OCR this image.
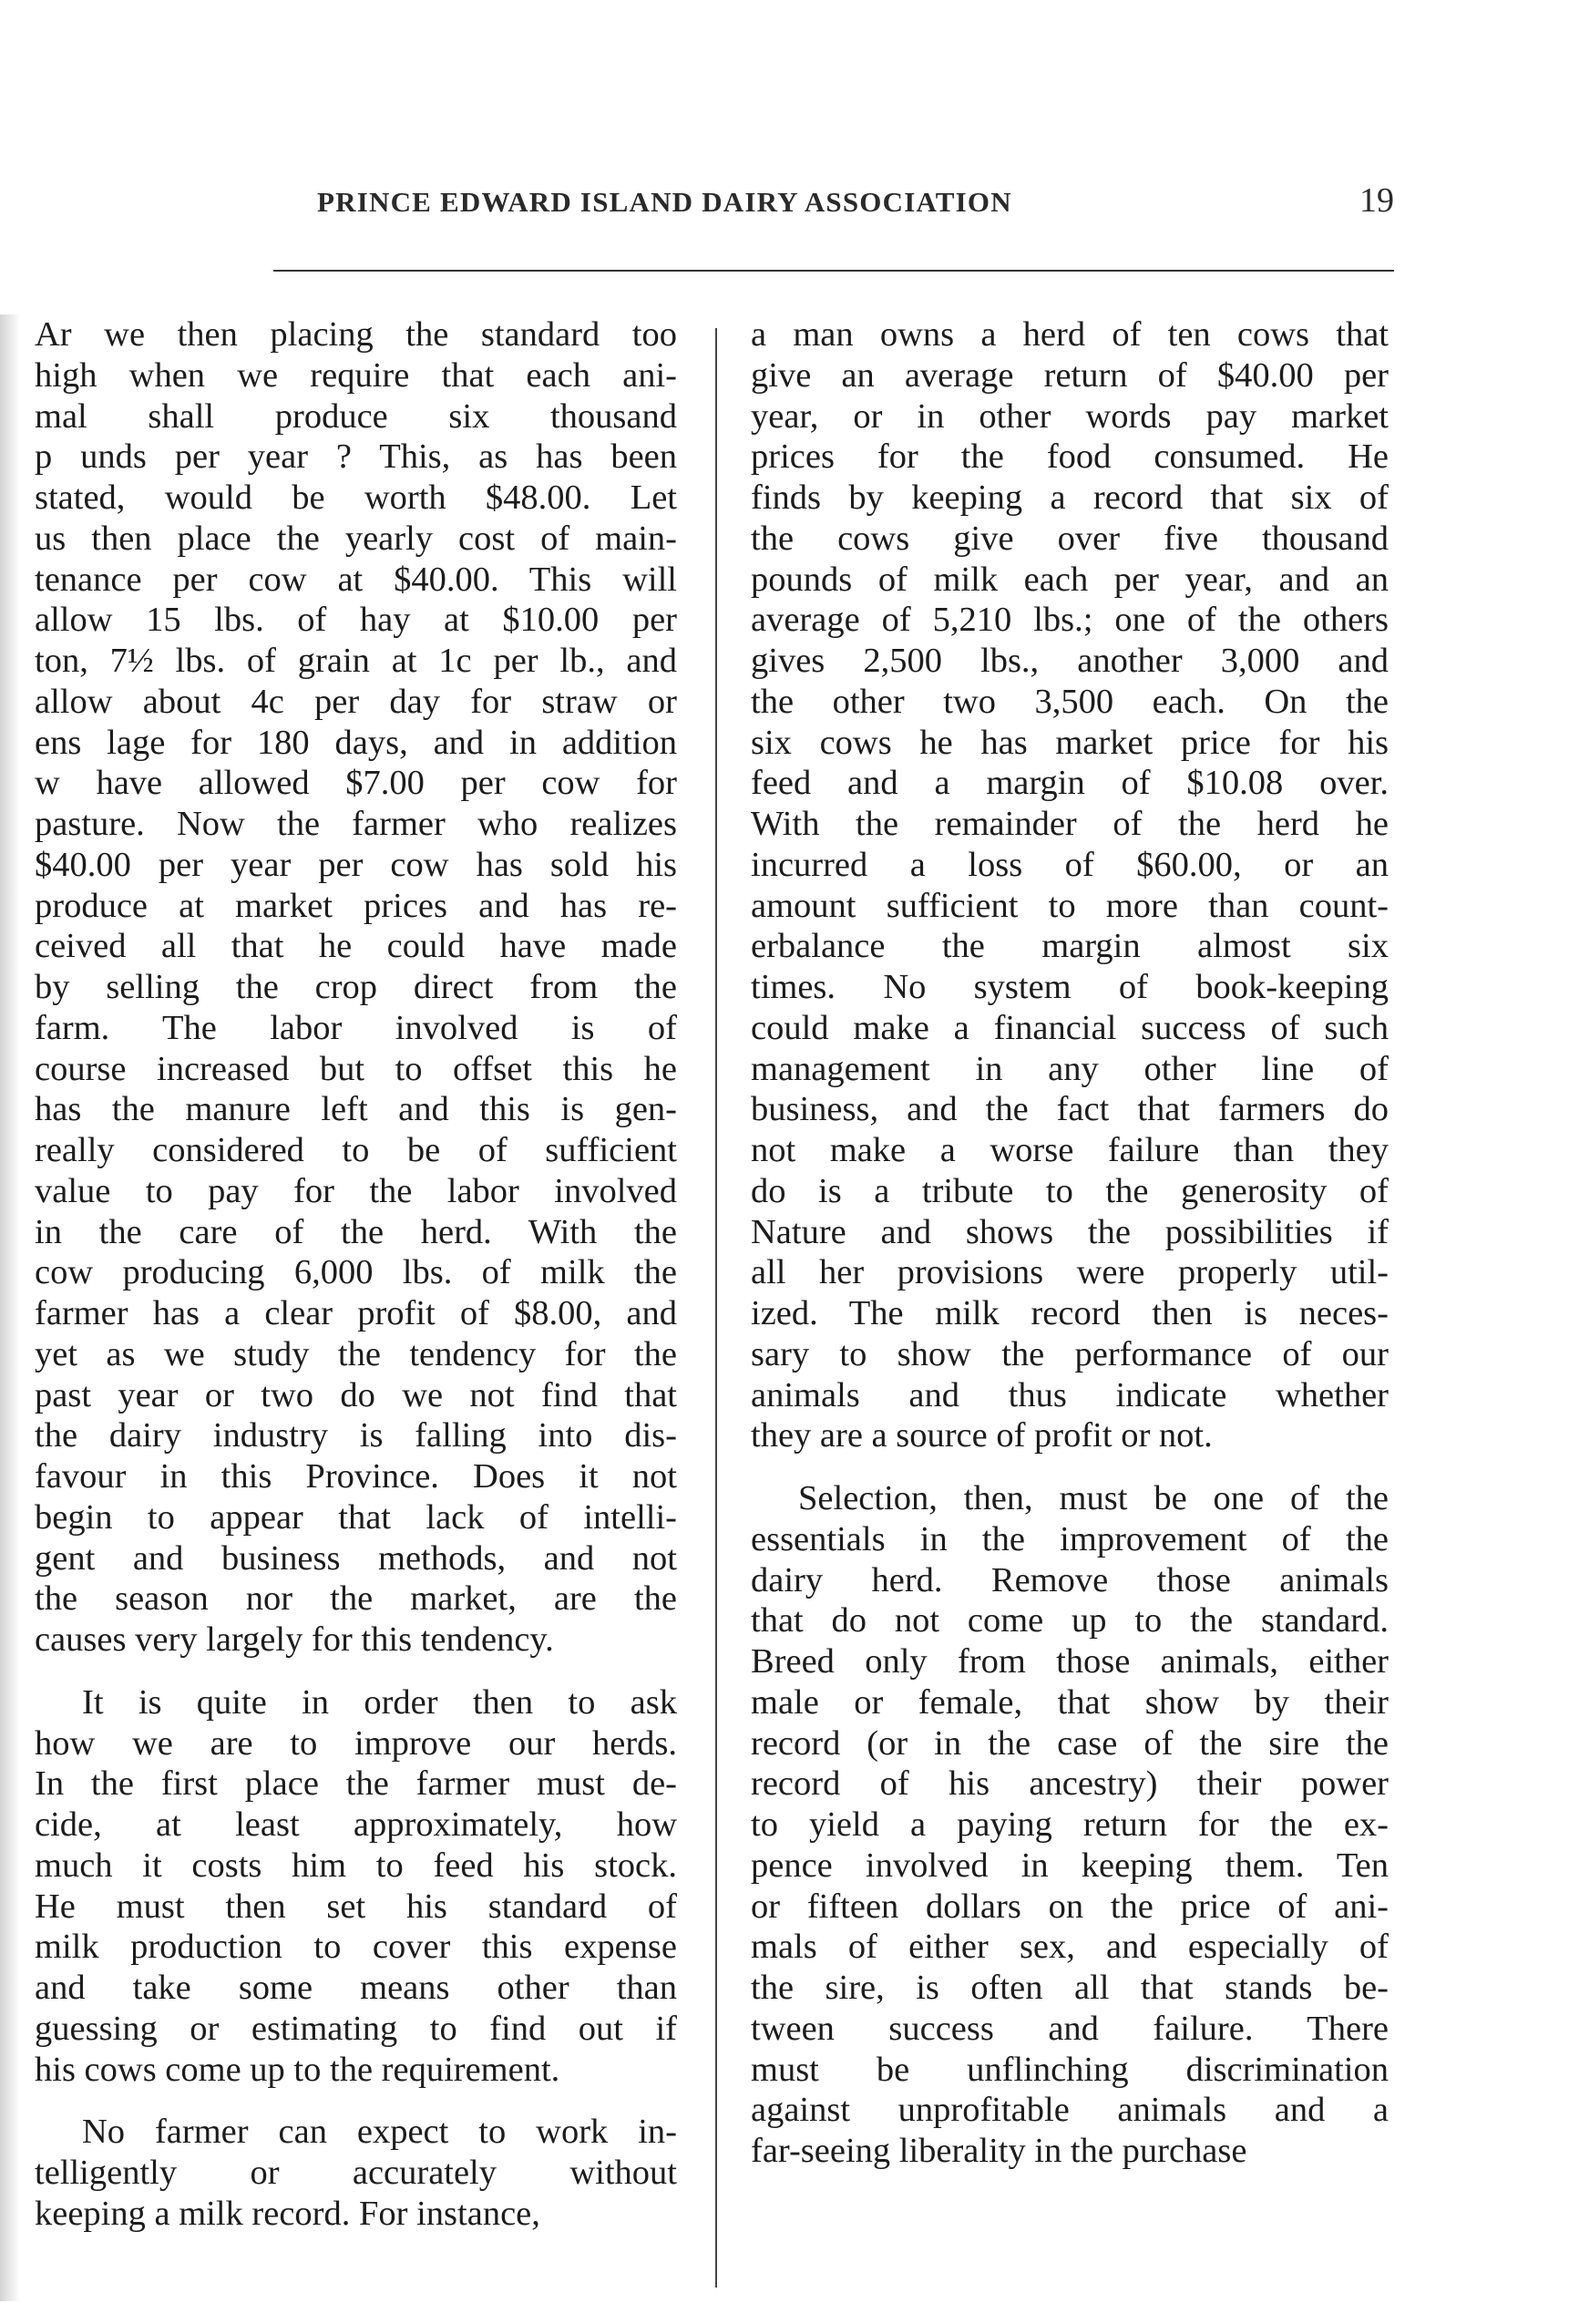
PRINCE EDWARD ISLAND DAIRY ASSOCIATION	19
Ar we then placing the standard too
high when we require that each ani-
mal shall produce six thousand
p unds per year ? This, as has been
stated, would be worth $48.00. Let
us then place the yearly cost of main-
tenance per cow at $40.00. This will
allow 15 lbs. of hay at $10.00 per
ton, 7½ lbs. of grain at 1c per lb., and
allow about 4c per day for straw or
ens lage for 180 days, and in addition
w have allowed $7.00 per cow for
pasture. Now the farmer who realizes
$40.00 per year per cow has sold his
produce at market prices and has re-
ceived all that he could have made
by selling the crop direct from the
farm. The labor involved is of
course increased but to offset this he
has the manure left and this is gen-
really considered to be of sufficient
value to pay for the labor involved
in the care of the herd. With the
cow producing 6,000 lbs. of milk the
farmer has a clear profit of $8.00, and
yet as we study the tendency for the
past year or two do we not find that
the dairy industry is falling into dis-
favour in this Province. Does it not
begin to appear that lack of intelli-
gent and business methods, and not
the season nor the market, are the
causes very largely for this tendency.
It is quite in order then to ask
how we are to improve our herds.
In the first place the farmer must de-
cide, at least approximately, how
much it costs him to feed his stock.
He must then set his standard of
milk production to cover this expense
and take some means other than
guessing or estimating to find out if
his cows come up to the requirement.
No farmer can expect to work in-
telligently or accurately without
keeping a milk record. For instance,
a man owns a herd of ten cows that
give an average return of $40.00 per
year, or in other words pay market
prices for the food consumed. He
finds by keeping a record that six of
the cows give over five thousand
pounds of milk each per year, and an
average of 5,210 lbs.; one of the others
gives 2,500 lbs., another 3,000 and
the other two 3,500 each. On the
six cows he has market price for his
feed and a margin of $10.08 over.
With the remainder of the herd he
incurred a loss of $60.00, or an
amount sufficient to more than count-
erbalance the margin almost six
times. No system of book-keeping
could make a financial success of such
management in any other line of
business, and the fact that farmers do
not make a worse failure than they
do is a tribute to the generosity of
Nature and shows the possibilities if
all her provisions were properly util-
ized. The milk record then is neces-
sary to show the performance of our
animals and thus indicate whether
they are a source of profit or not.
Selection, then, must be one of the
essentials in the improvement of the
dairy herd. Remove those animals
that do not come up to the standard.
Breed only from those animals, either
male or female, that show by their
record (or in the case of the sire the
record of his ancestry) their power
to yield a paying return for the ex-
pence involved in keeping them. Ten
or fifteen dollars on the price of ani-
mals of either sex, and especially of
the sire, is often all that stands be-
tween success and failure. There
must be unflinching discrimination
against unprofitable animals and a
far-seeing liberality in the purchase
